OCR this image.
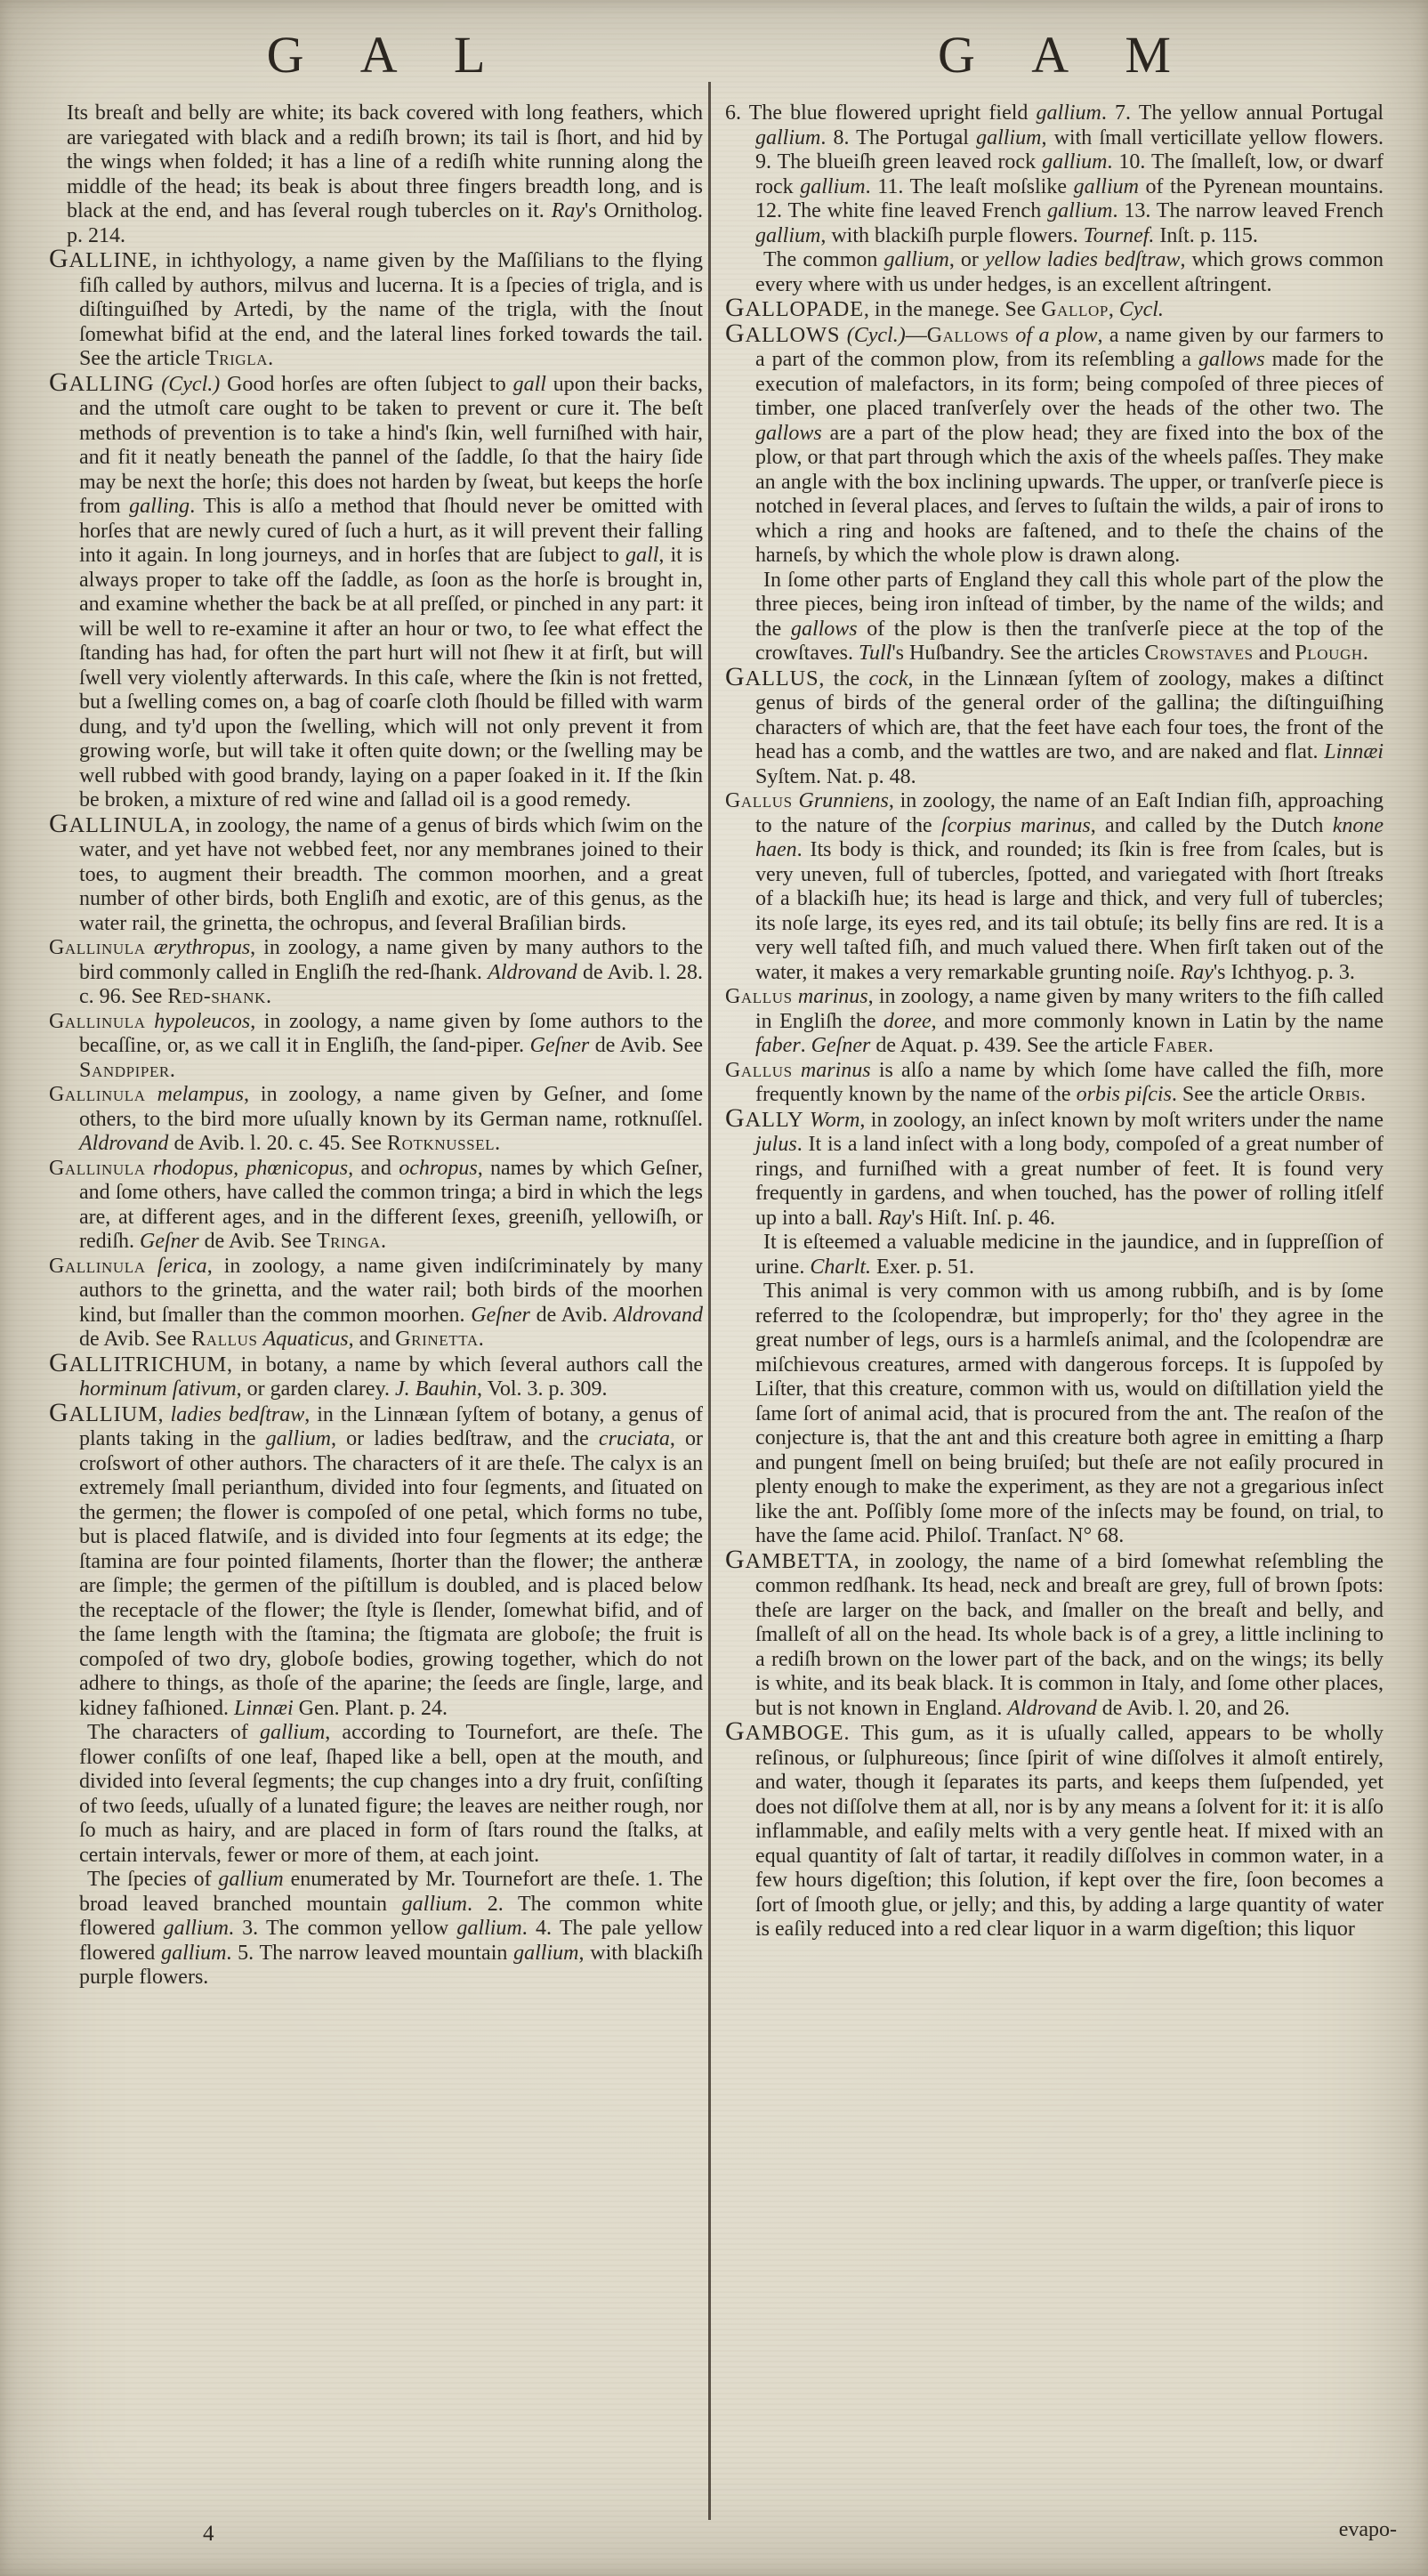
G A L	G A M

Its breaſt and belly are white; its back covered with long feathers, which are variegated with black and a rediſh brown; its tail is ſhort, and hid by the wings when folded; it has a line of a rediſh white running along the middle of the head; its beak is about three fingers breadth long, and is black at the end, and has ſeveral rough tubercles on it. Ray's Ornitholog. p. 214.

GALLINE, in ichthyology, a name given by the Maſſilians to the flying fiſh called by authors, milvus and lucerna. It is a ſpecies of trigla, and is diſtinguiſhed by Artedi, by the name of the trigla, with the ſnout ſomewhat bifid at the end, and the lateral lines forked towards the tail. See the article Trigla.

GALLING (Cycl.) Good horſes are often ſubject to gall upon their backs, and the utmoſt care ought to be taken to prevent or cure it. The beſt methods of prevention is to take a hind's ſkin, well furniſhed with hair, and fit it neatly beneath the pannel of the ſaddle, ſo that the hairy ſide may be next the horſe; this does not harden by ſweat, but keeps the horſe from galling. This is alſo a method that ſhould never be omitted with horſes that are newly cured of ſuch a hurt, as it will prevent their falling into it again. In long journeys, and in horſes that are ſubject to gall, it is always proper to take off the ſaddle, as ſoon as the horſe is brought in, and examine whether the back be at all preſſed, or pinched in any part: it will be well to re-examine it after an hour or two, to ſee what effect the ſtanding has had, for often the part hurt will not ſhew it at firſt, but will ſwell very violently afterwards. In this caſe, where the ſkin is not fretted, but a ſwelling comes on, a bag of coarſe cloth ſhould be filled with warm dung, and ty'd upon the ſwelling, which will not only prevent it from growing worſe, but will take it often quite down; or the ſwelling may be well rubbed with good brandy, laying on a paper ſoaked in it. If the ſkin be broken, a mixture of red wine and ſallad oil is a good remedy.

GALLINULA, in zoology, the name of a genus of birds which ſwim on the water, and yet have not webbed feet, nor any membranes joined to their toes, to augment their breadth. The common moorhen, and a great number of other birds, both Engliſh and exotic, are of this genus, as the water rail, the grinetta, the ochropus, and ſeveral Braſilian birds.

Gallinula ærythropus, in zoology, a name given by many authors to the bird commonly called in Engliſh the red-ſhank. Aldrovand de Avib. l. 28. c. 96. See Red-shank.

Gallinula hypoleucos, in zoology, a name given by ſome authors to the becaſſine, or, as we call it in Engliſh, the ſand-piper. Geſner de Avib. See Sandpiper.

Gallinula melampus, in zoology, a name given by Geſner, and ſome others, to the bird more uſually known by its German name, rotknuſſel. Aldrovand de Avib. l. 20. c. 45. See Rotknussel.

Gallinula rhodopus, phœnicopus, and ochropus, names by which Geſner, and ſome others, have called the common tringa; a bird in which the legs are, at different ages, and in the different ſexes, greeniſh, yellowiſh, or rediſh. Geſner de Avib. See Tringa.

Gallinula ſerica, in zoology, a name given indiſcriminately by many authors to the grinetta, and the water rail; both birds of the moorhen kind, but ſmaller than the common moorhen. Geſner de Avib. Aldrovand de Avib. See Rallus Aquaticus, and Grinetta.

GALLITRICHUM, in botany, a name by which ſeveral authors call the horminum ſativum, or garden clarey. J. Bauhin, Vol. 3. p. 309.

GALLIUM, ladies bedſtraw, in the Linnæan ſyſtem of botany, a genus of plants taking in the gallium, or ladies bedſtraw, and the cruciata, or croſswort of other authors. The characters of it are theſe. The calyx is an extremely ſmall perianthum, divided into four ſegments, and ſituated on the germen; the flower is compoſed of one petal, which forms no tube, but is placed flatwiſe, and is divided into four ſegments at its edge; the ſtamina are four pointed filaments, ſhorter than the flower; the antheræ are ſimple; the germen of the piſtillum is doubled, and is placed below the receptacle of the flower; the ſtyle is ſlender, ſomewhat bifid, and of the ſame length with the ſtamina; the ſtigmata are globoſe; the fruit is compoſed of two dry, globoſe bodies, growing together, which do not adhere to things, as thoſe of the aparine; the ſeeds are ſingle, large, and kidney faſhioned. Linnæi Gen. Plant. p. 24.

The characters of gallium, according to Tournefort, are theſe. The flower conſiſts of one leaf, ſhaped like a bell, open at the mouth, and divided into ſeveral ſegments; the cup changes into a dry fruit, conſiſting of two ſeeds, uſually of a lunated figure; the leaves are neither rough, nor ſo much as hairy, and are placed in form of ſtars round the ſtalks, at certain intervals, fewer or more of them, at each joint.

The ſpecies of gallium enumerated by Mr. Tournefort are theſe. 1. The broad leaved branched mountain gallium. 2. The common white flowered gallium. 3. The common yellow gallium. 4. The pale yellow flowered gallium. 5. The narrow leaved mountain gallium, with blackiſh purple flowers.

6. The blue flowered upright field gallium. 7. The yellow annual Portugal gallium. 8. The Portugal gallium, with ſmall verticillate yellow flowers. 9. The blueiſh green leaved rock gallium. 10. The ſmalleſt, low, or dwarf rock gallium. 11. The leaſt moſslike gallium of the Pyrenean mountains. 12. The white fine leaved French gallium. 13. The narrow leaved French gallium, with blackiſh purple flowers. Tournef. Inſt. p. 115.

The common gallium, or yellow ladies bedſtraw, which grows common every where with us under hedges, is an excellent aſtringent.

GALLOPADE, in the manege. See Gallop, Cycl.

GALLOWS (Cycl.)—Gallows of a plow, a name given by our farmers to a part of the common plow, from its reſembling a gallows made for the execution of malefactors, in its form; being compoſed of three pieces of timber, one placed tranſverſely over the heads of the other two. The gallows are a part of the plow head; they are fixed into the box of the plow, or that part through which the axis of the wheels paſſes. They make an angle with the box inclining upwards. The upper, or tranſverſe piece is notched in ſeveral places, and ſerves to ſuſtain the wilds, a pair of irons to which a ring and hooks are faſtened, and to theſe the chains of the harneſs, by which the whole plow is drawn along.

In ſome other parts of England they call this whole part of the plow the three pieces, being iron inſtead of timber, by the name of the wilds; and the gallows of the plow is then the tranſverſe piece at the top of the crowſtaves. Tull's Huſbandry. See the articles Crowstaves and Plough.

GALLUS, the cock, in the Linnæan ſyſtem of zoology, makes a diſtinct genus of birds of the general order of the gallina; the diſtinguiſhing characters of which are, that the feet have each four toes, the front of the head has a comb, and the wattles are two, and are naked and flat. Linnæi Syſtem. Nat. p. 48.

Gallus Grunniens, in zoology, the name of an Eaſt Indian fiſh, approaching to the nature of the ſcorpius marinus, and called by the Dutch knone haen. Its body is thick, and rounded; its ſkin is free from ſcales, but is very uneven, full of tubercles, ſpotted, and variegated with ſhort ſtreaks of a blackiſh hue; its head is large and thick, and very full of tubercles; its noſe large, its eyes red, and its tail obtuſe; its belly fins are red. It is a very well taſted fiſh, and much valued there. When firſt taken out of the water, it makes a very remarkable grunting noiſe. Ray's Ichthyog. p. 3.

Gallus marinus, in zoology, a name given by many writers to the fiſh called in Engliſh the doree, and more commonly known in Latin by the name faber. Geſner de Aquat. p. 439. See the article Faber.

Gallus marinus is alſo a name by which ſome have called the fiſh, more frequently known by the name of the orbis piſcis. See the article Orbis.

GALLY Worm, in zoology, an inſect known by moſt writers under the name julus. It is a land inſect with a long body, compoſed of a great number of rings, and furniſhed with a great number of feet. It is found very frequently in gardens, and when touched, has the power of rolling itſelf up into a ball. Ray's Hiſt. Inſ. p. 46.

It is eſteemed a valuable medicine in the jaundice, and in ſuppreſſion of urine. Charlt. Exer. p. 51.

This animal is very common with us among rubbiſh, and is by ſome referred to the ſcolopendræ, but improperly; for tho' they agree in the great number of legs, ours is a harmleſs animal, and the ſcolopendræ are miſchievous creatures, armed with dangerous forceps. It is ſuppoſed by Liſter, that this creature, common with us, would on diſtillation yield the ſame ſort of animal acid, that is procured from the ant. The reaſon of the conjecture is, that the ant and this creature both agree in emitting a ſharp and pungent ſmell on being bruiſed; but theſe are not eaſily procured in plenty enough to make the experiment, as they are not a gregarious inſect like the ant. Poſſibly ſome more of the inſects may be found, on trial, to have the ſame acid. Philoſ. Tranſact. N° 68.

GAMBETTA, in zoology, the name of a bird ſomewhat reſembling the common redſhank. Its head, neck and breaſt are grey, full of brown ſpots: theſe are larger on the back, and ſmaller on the breaſt and belly, and ſmalleſt of all on the head. Its whole back is of a grey, a little inclining to a rediſh brown on the lower part of the back, and on the wings; its belly is white, and its beak black. It is common in Italy, and ſome other places, but is not known in England. Aldrovand de Avib. l. 20, and 26.

GAMBOGE. This gum, as it is uſually called, appears to be wholly reſinous, or ſulphureous; ſince ſpirit of wine diſſolves it almoſt entirely, and water, though it ſeparates its parts, and keeps them ſuſpended, yet does not diſſolve them at all, nor is by any means a ſolvent for it: it is alſo inflammable, and eaſily melts with a very gentle heat. If mixed with an equal quantity of ſalt of tartar, it readily diſſolves in common water, in a few hours digeſtion; this ſolution, if kept over the fire, ſoon becomes a ſort of ſmooth glue, or jelly; and this, by adding a large quantity of water is eaſily reduced into a red clear liquor in a warm digeſtion; this liquor

4	evapo-
